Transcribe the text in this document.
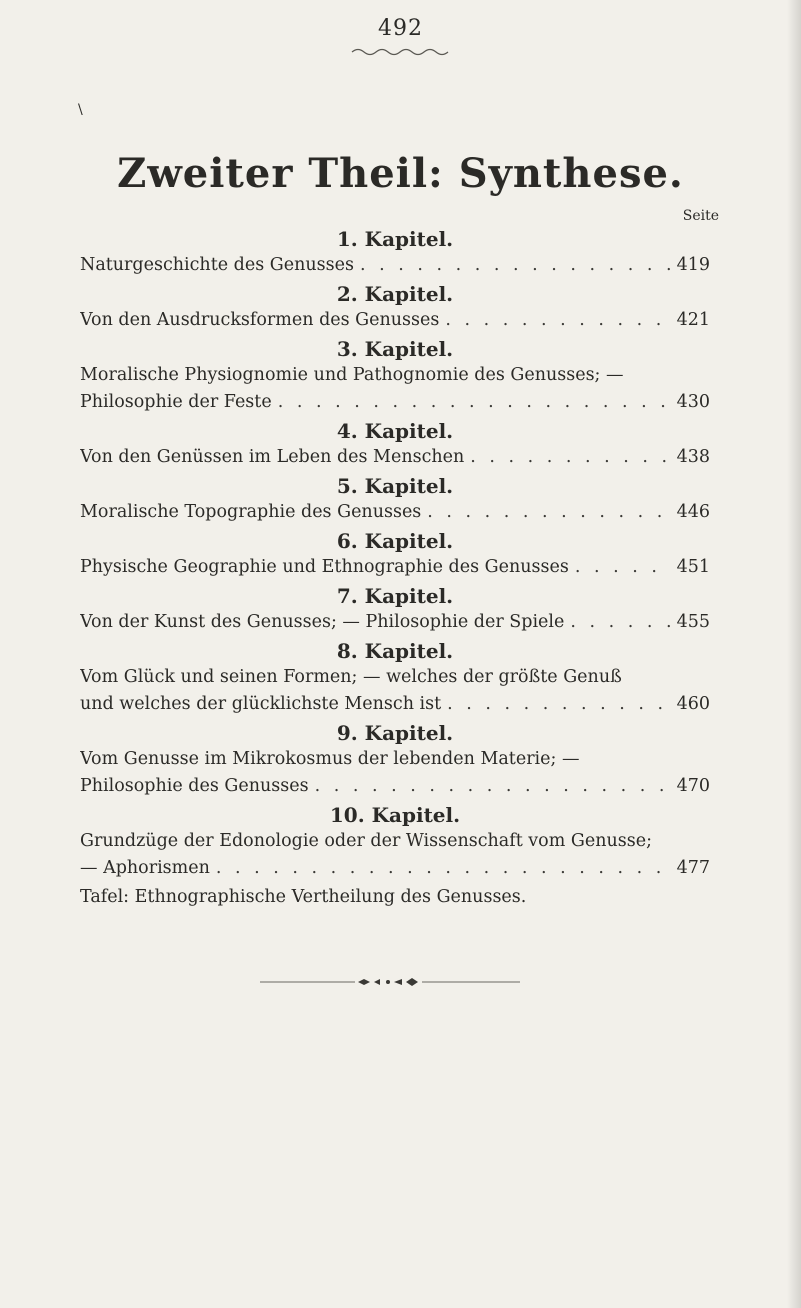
492
\
Zweiter Theil: Synthese.
Seite
1. Kapitel.
Naturgeschichte des Genusses . . .	419
2. Kapitel.
Von den Ausdrucksformen des Genusses . . .	421
3. Kapitel.
Moralische Physiognomie und Pathognomie des Genusses; —
Philosophie der Feste . . .	430
4. Kapitel.
Von den Genüssen im Leben des Menschen . . .	438
5. Kapitel.
Moralische Topographie des Genusses . . .	446
6. Kapitel.
Physische Geographie und Ethnographie des Genusses . . .	451
7. Kapitel.
Von der Kunst des Genusses; — Philosophie der Spiele . . .	455
8. Kapitel.
Vom Glück und seinen Formen; — welches der größte Genuß
und welches der glücklichste Mensch ist . . .	460
9. Kapitel.
Vom Genusse im Mikrokosmus der lebenden Materie; —
Philosophie des Genusses . . .	470
10. Kapitel.
Grundzüge der Edonologie oder der Wissenschaft vom Genusse;
— Aphorismen . . .	477
Tafel: Ethnographische Vertheilung des Genusses.
